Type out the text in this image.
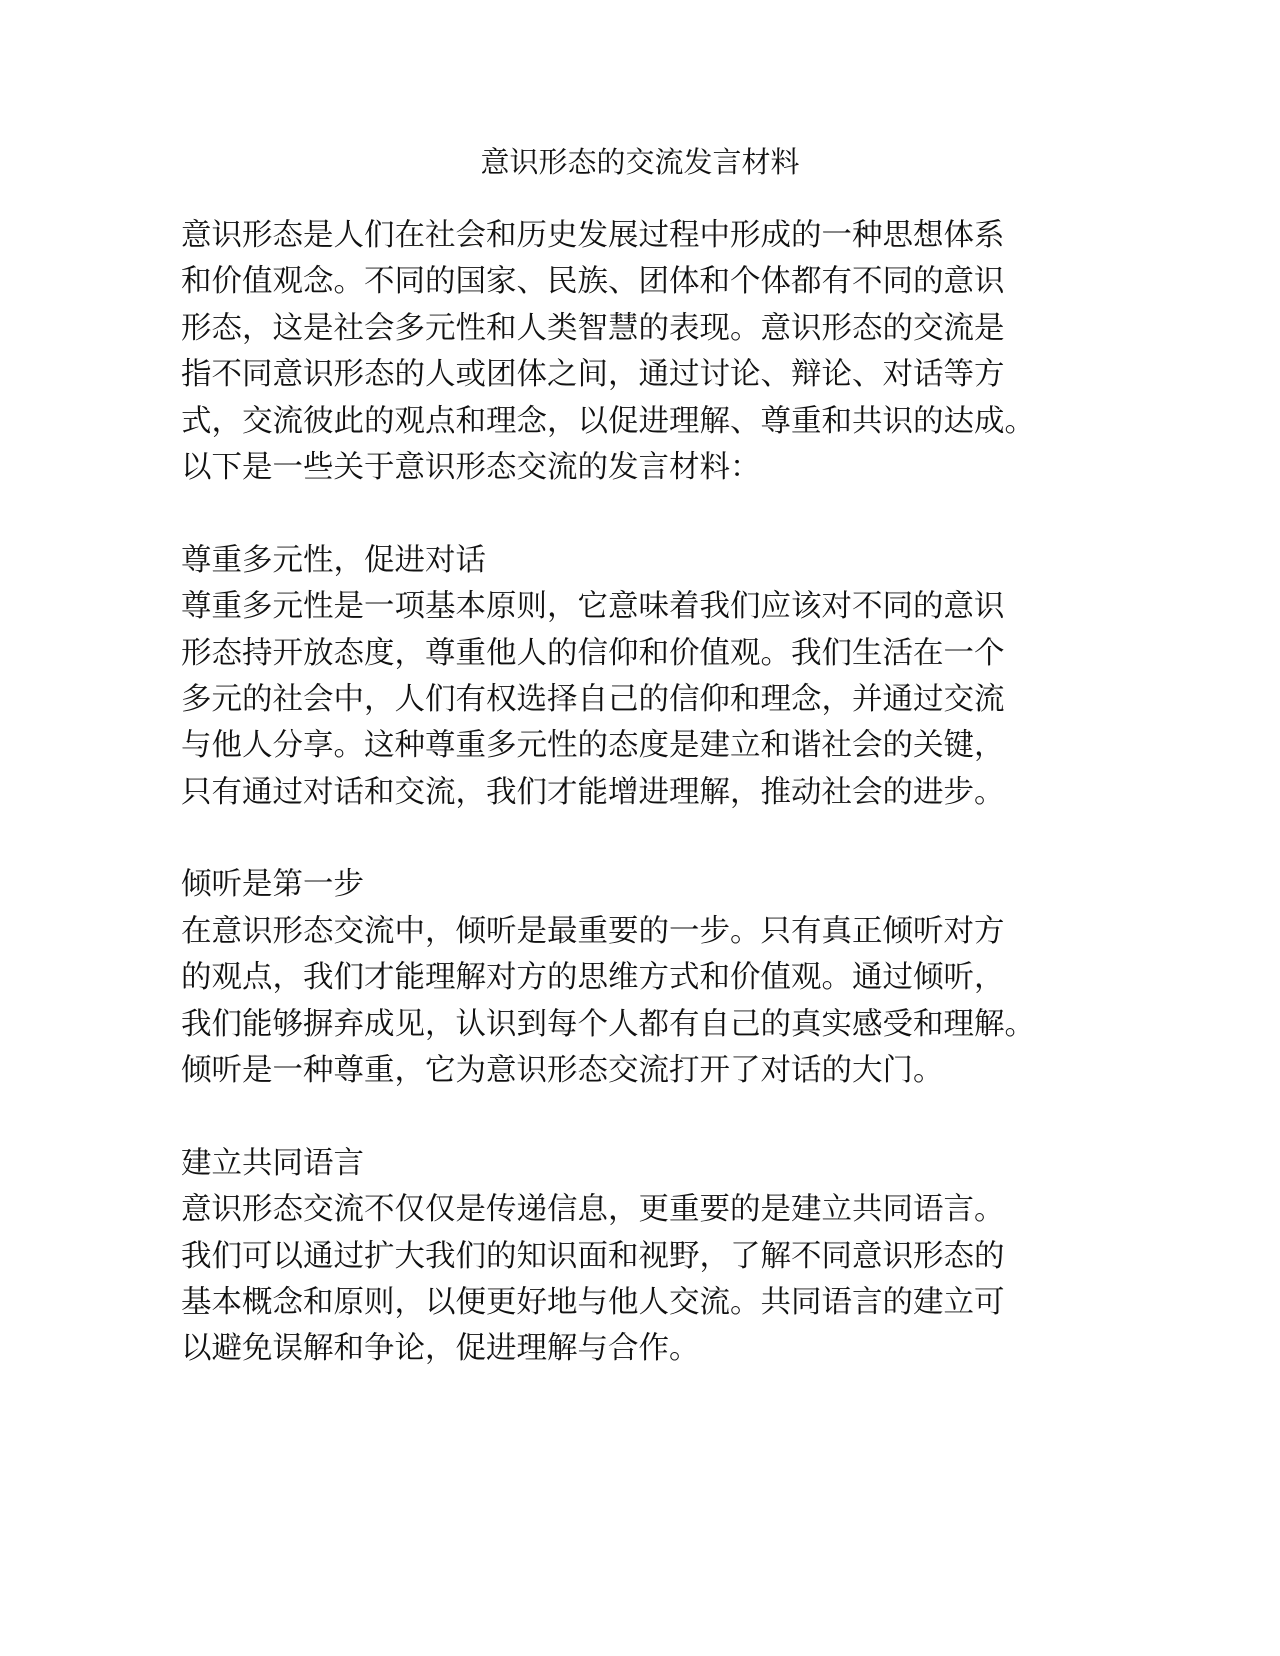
意识形态的交流发言材料
意识形态是人们在社会和历史发展过程中形成的一种思想体系
和价值观念。不同的国家、民族、团体和个体都有不同的意识
形态，这是社会多元性和人类智慧的表现。意识形态的交流是
指不同意识形态的人或团体之间，通过讨论、辩论、对话等方
式，交流彼此的观点和理念，以促进理解、尊重和共识的达成。
以下是一些关于意识形态交流的发言材料：
尊重多元性，促进对话
尊重多元性是一项基本原则，它意味着我们应该对不同的意识
形态持开放态度，尊重他人的信仰和价值观。我们生活在一个
多元的社会中，人们有权选择自己的信仰和理念，并通过交流
与他人分享。这种尊重多元性的态度是建立和谐社会的关键，
只有通过对话和交流，我们才能增进理解，推动社会的进步。
倾听是第一步
在意识形态交流中，倾听是最重要的一步。只有真正倾听对方
的观点，我们才能理解对方的思维方式和价值观。通过倾听，
我们能够摒弃成见，认识到每个人都有自己的真实感受和理解。
倾听是一种尊重，它为意识形态交流打开了对话的大门。
建立共同语言
意识形态交流不仅仅是传递信息，更重要的是建立共同语言。
我们可以通过扩大我们的知识面和视野，了解不同意识形态的
基本概念和原则，以便更好地与他人交流。共同语言的建立可
以避免误解和争论，促进理解与合作。
